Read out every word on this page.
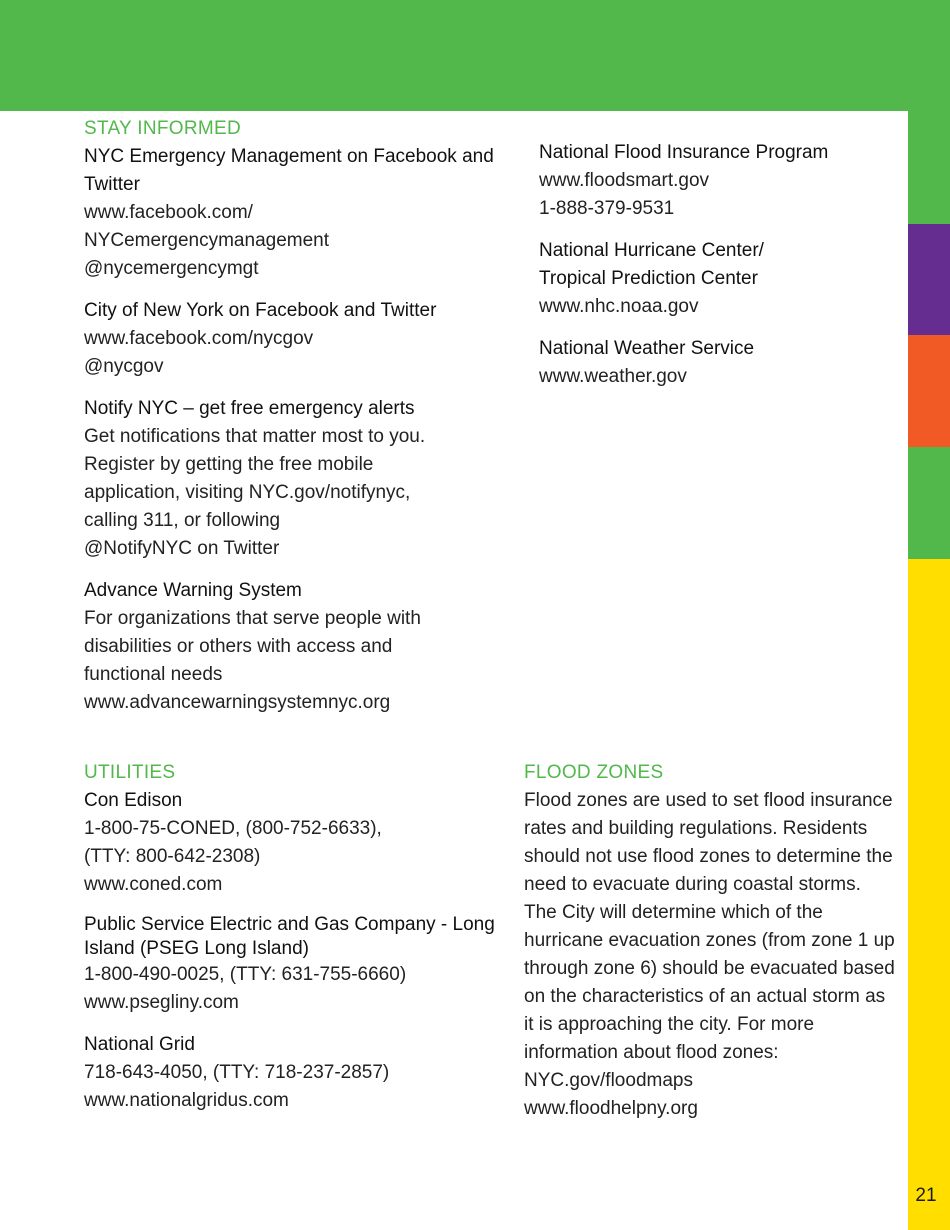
21
STAY INFORMED
NYC Emergency Management on Facebook and Twitter
www.facebook.com/
NYCemergencymanagement
@nycemergencymgt
City of New York on Facebook and Twitter
www.facebook.com/nycgov
@nycgov
Notify NYC – get free emergency alerts
Get notifications that matter most to you.
Register by getting the free mobile
application, visiting NYC.gov/notifynyc,
calling 311, or following
@NotifyNYC on Twitter
Advance Warning System
For organizations that serve people with
disabilities or others with access and
functional needs
www.advancewarningsystemnyc.org
National Flood Insurance Program
www.floodsmart.gov
1-888-379-9531
National Hurricane Center/ Tropical Prediction Center
www.nhc.noaa.gov
National Weather Service
www.weather.gov
UTILITIES
Con Edison
1-800-75-CONED, (800-752-6633),
(TTY: 800-642-2308)
www.coned.com
Public Service Electric and Gas Company - Long Island (PSEG Long Island)
1-800-490-0025, (TTY: 631-755-6660)
www.psegliny.com
National Grid
718-643-4050, (TTY: 718-237-2857)
www.nationalgridus.com
FLOOD ZONES
Flood zones are used to set flood insurance rates and building regulations. Residents should not use flood zones to determine the need to evacuate during coastal storms. The City will determine which of the hurricane evacuation zones (from zone 1 up through zone 6) should be evacuated based on the characteristics of an actual storm as it is approaching the city. For more information about flood zones:
NYC.gov/floodmaps
www.floodhelpny.org
